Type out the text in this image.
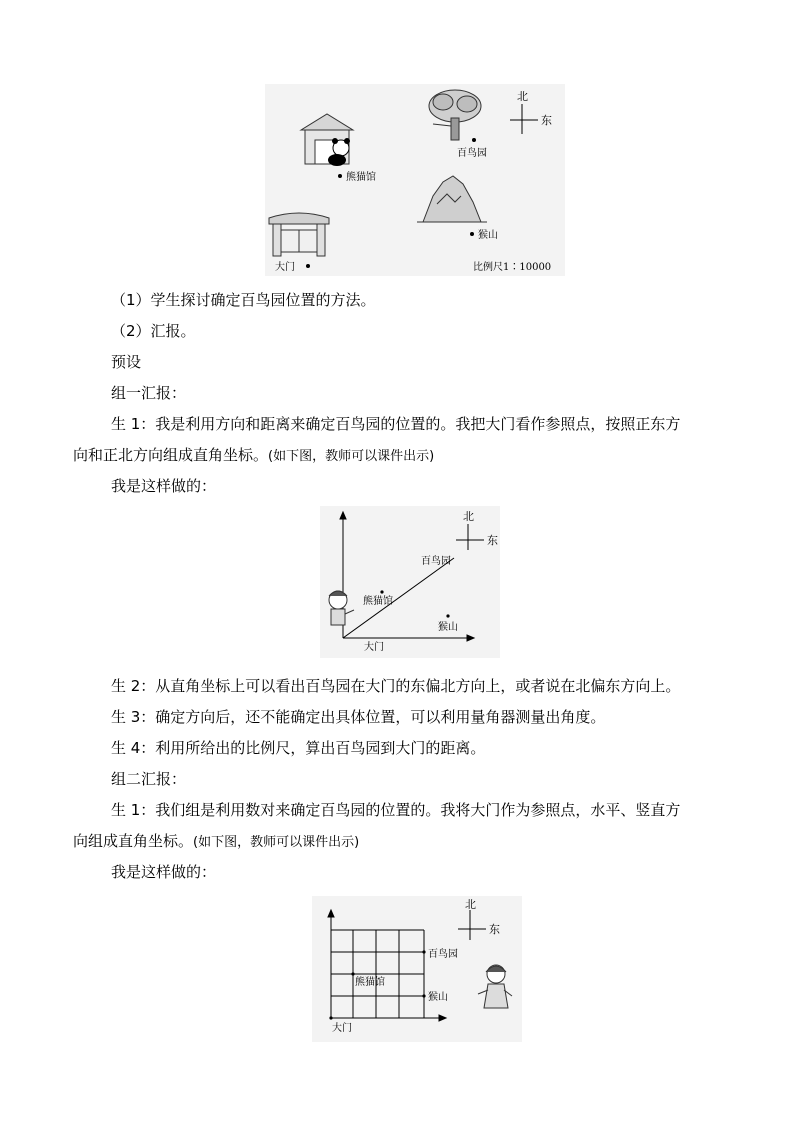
北
东
百鸟园
熊猫馆
猴山
大门	比例尺1∶10000
（1）学生探讨确定百鸟园位置的方法。
（2）汇报。
预设
组一汇报：
生 1：我是利用方向和距离来确定百鸟园的位置的。我把大门看作参照点，按照正东方
向和正北方向组成直角坐标。(如下图，教师可以课件出示)
我是这样做的：
北
东
百鸟园
熊猫馆
猴山
大门
生 2：从直角坐标上可以看出百鸟园在大门的东偏北方向上，或者说在北偏东方向上。
生 3：确定方向后，还不能确定出具体位置，可以利用量角器测量出角度。
生 4：利用所给出的比例尺，算出百鸟园到大门的距离。
组二汇报：
生 1：我们组是利用数对来确定百鸟园的位置的。我将大门作为参照点，水平、竖直方
向组成直角坐标。(如下图，教师可以课件出示)
我是这样做的：
北
东
百鸟园
熊猫馆
猴山
大门
